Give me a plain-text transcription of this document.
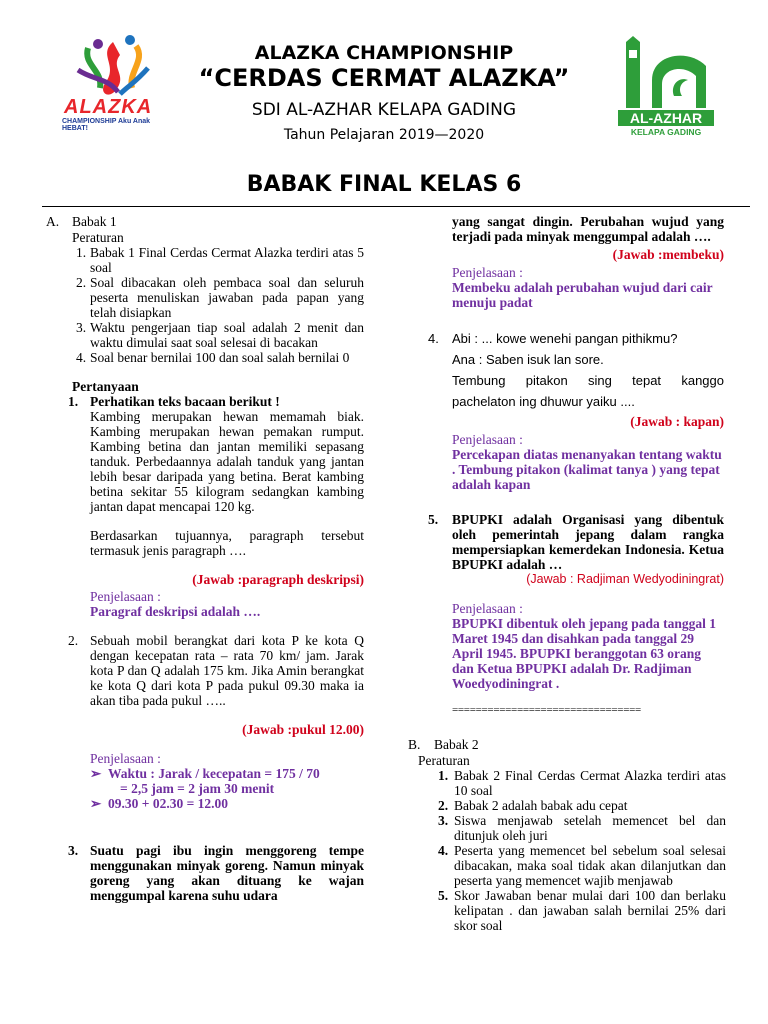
ALAZKA
CHAMPIONSHIP Aku Anak HEBAT!
AL-AZHAR
KELAPA GADING
ALAZKA CHAMPIONSHIP
“CERDAS CERMAT ALAZKA”
SDI AL-AZHAR KELAPA GADING
Tahun Pelajaran 2019—2020
BABAK FINAL KELAS 6
A. Babak 1
Peraturan
1. Babak 1 Final Cerdas Cermat Alazka terdiri atas 5 soal
2. Soal dibacakan oleh pembaca soal dan seluruh peserta menuliskan jawaban pada papan yang telah disiapkan
3. Waktu pengerjaan tiap soal adalah 2 menit dan waktu dimulai saat soal selesai di bacakan
4. Soal benar bernilai 100 dan soal salah bernilai 0
Pertanyaan
1. Perhatikan teks bacaan berikut !
Kambing merupakan hewan memamah biak. Kambing merupakan hewan pemakan rumput. Kambing betina dan jantan memiliki sepasang tanduk. Perbedaannya adalah tanduk yang jantan lebih besar daripada yang betina. Berat kambing betina sekitar 55 kilogram sedangkan kambing jantan dapat mencapai 120 kg.
Berdasarkan tujuannya, paragraph tersebut termasuk jenis paragraph ….
(Jawab :paragraph deskripsi)
Penjelasaan :
Paragraf deskripsi adalah ….
2. Sebuah mobil berangkat dari kota P ke kota Q dengan kecepatan rata – rata 70 km/ jam. Jarak kota P dan Q adalah 175 km. Jika Amin berangkat ke kota Q dari kota P pada pukul 09.30 maka ia akan tiba pada pukul …..
(Jawab :pukul 12.00)
Penjelasaan :
➢ Waktu : Jarak / kecepatan = 175 / 70
= 2,5 jam = 2 jam 30 menit
➢ 09.30 + 02.30 = 12.00
3. Suatu pagi ibu ingin menggoreng tempe menggunakan minyak goreng. Namun minyak goreng yang akan dituang ke wajan menggumpal karena suhu udara
yang sangat dingin. Perubahan wujud yang terjadi pada minyak menggumpal adalah ….
(Jawab :membeku)
Penjelasaan :
Membeku adalah perubahan wujud dari cair menuju padat
4. Abi : ... kowe wenehi pangan pithikmu?
Ana : Saben isuk lan sore.
Tembung pitakon sing tepat kanggo pachelaton ing dhuwur yaiku ....
(Jawab : kapan)
Penjelasaan :
Percekapan diatas menanyakan tentang waktu . Tembung pitakon (kalimat tanya ) yang tepat adalah kapan
5. BPUPKI adalah Organisasi yang dibentuk oleh pemerintah jepang dalam rangka mempersiapkan kemerdekan Indonesia. Ketua BPUPKI adalah …
(Jawab : Radjiman Wedyodiningrat)
Penjelasaan :
BPUPKI dibentuk oleh jepang pada tanggal 1 Maret 1945 dan disahkan pada tanggal 29 April 1945. BPUPKI beranggotan 63 orang dan Ketua BPUPKI adalah Dr. Radjiman Woedyodiningrat .
================================
B. Babak 2
Peraturan
1. Babak 2 Final Cerdas Cermat Alazka terdiri atas 10 soal
2. Babak 2 adalah babak adu cepat
3. Siswa menjawab setelah memencet bel dan ditunjuk oleh juri
4. Peserta yang memencet bel sebelum soal selesai dibacakan, maka soal tidak akan dilanjutkan dan peserta yang memencet wajib menjawab
5. Skor Jawaban benar mulai dari 100 dan berlaku kelipatan . dan jawaban salah bernilai 25% dari skor soal
